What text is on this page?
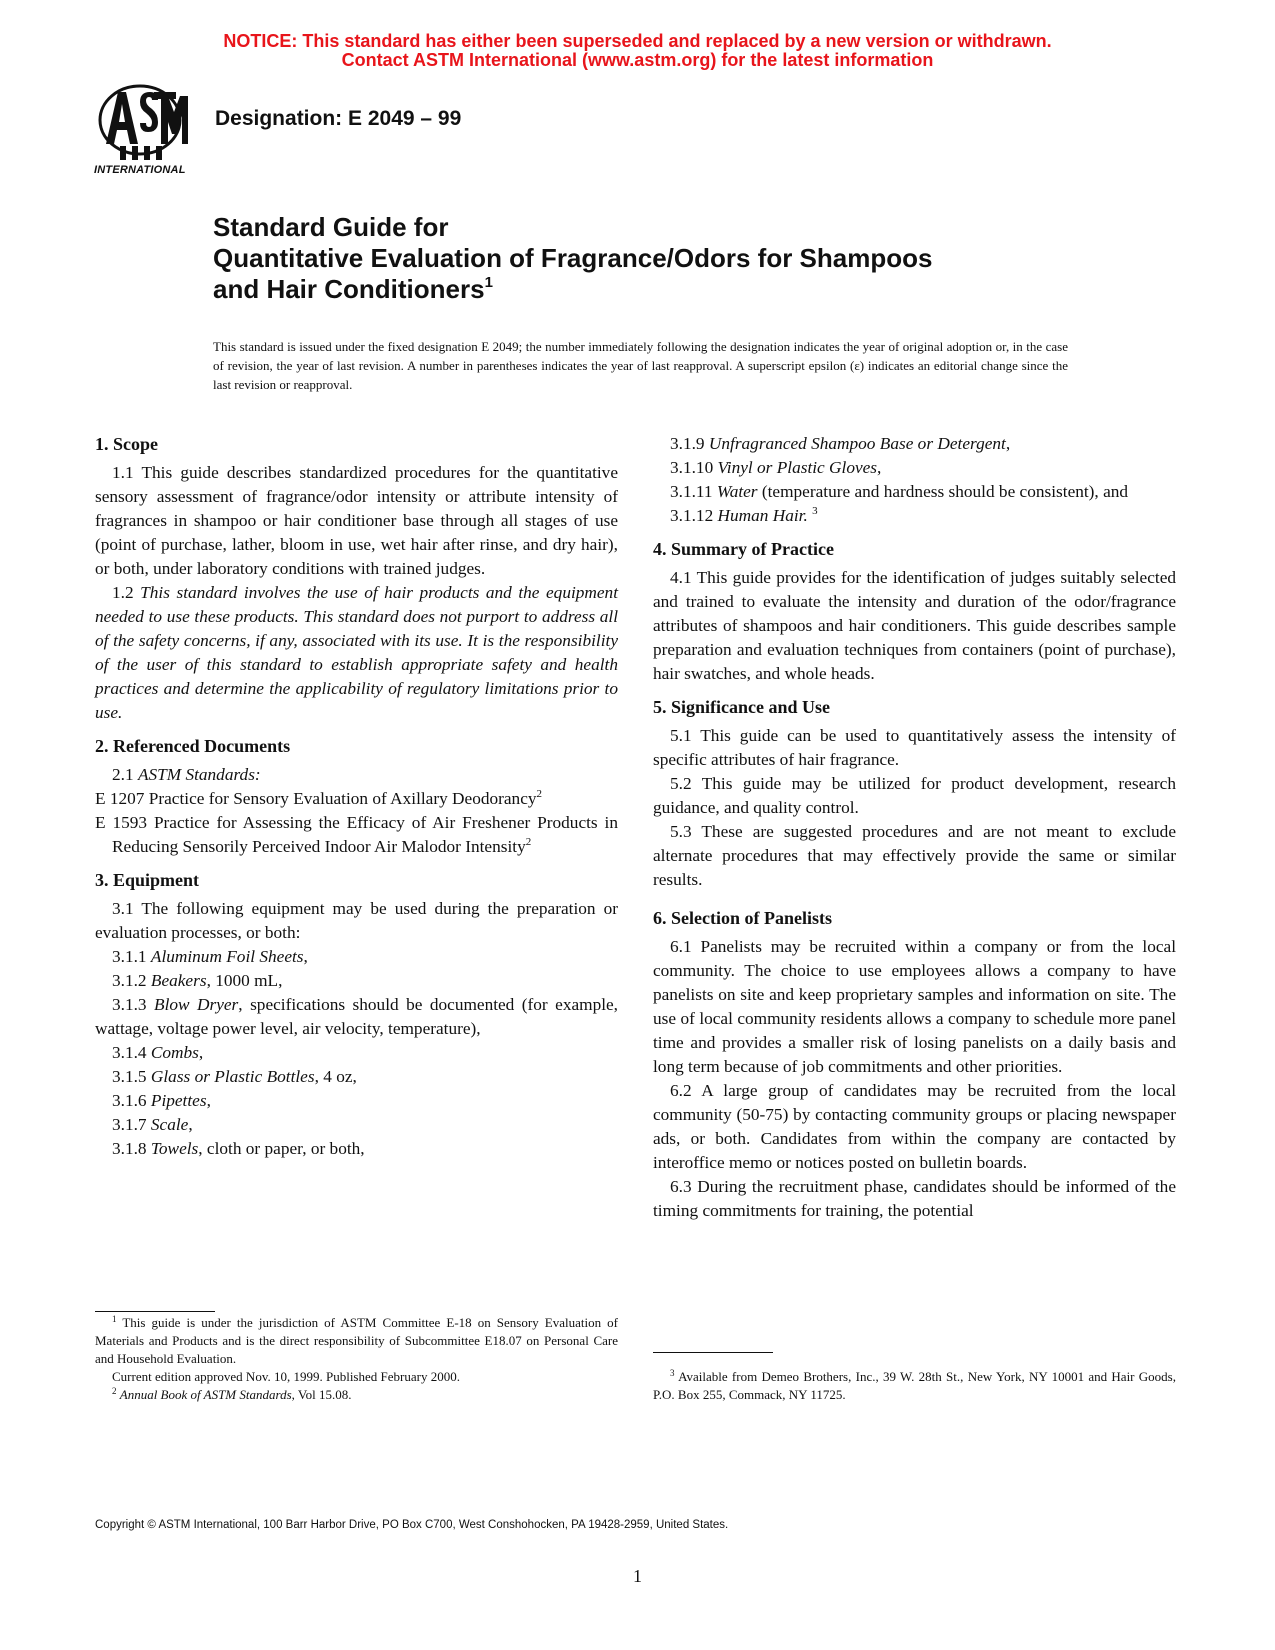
NOTICE: This standard has either been superseded and replaced by a new version or withdrawn.
Contact ASTM International (www.astm.org) for the latest information
INTERNATIONAL
Designation: E 2049 – 99
Standard Guide for
Quantitative Evaluation of Fragrance/Odors for Shampoos
and Hair Conditioners$^1$

This standard is issued under the fixed designation E 2049; the number immediately following the designation indicates the year of original adoption or, in the case of revision, the year of last revision. A number in parentheses indicates the year of last reapproval. A superscript epsilon (ε) indicates an editorial change since the last revision or reapproval.

1. Scope

1.1 This guide describes standardized procedures for the quantitative sensory assessment of fragrance/odor intensity or attribute intensity of fragrances in shampoo or hair conditioner base through all stages of use (point of purchase, lather, bloom in use, wet hair after rinse, and dry hair), or both, under laboratory conditions with trained judges.

1.2 This standard involves the use of hair products and the equipment needed to use these products. This standard does not purport to address all of the safety concerns, if any, associated with its use. It is the responsibility of the user of this standard to establish appropriate safety and health practices and determine the applicability of regulatory limitations prior to use.

2. Referenced Documents

2.1 ASTM Standards:

E 1207 Practice for Sensory Evaluation of Axillary Deodorancy$^2$

E 1593 Practice for Assessing the Efficacy of Air Freshener Products in Reducing Sensorily Perceived Indoor Air Malodor Intensity$^2$

3. Equipment

3.1 The following equipment may be used during the preparation or evaluation processes, or both:

3.1.1 Aluminum Foil Sheets,

3.1.2 Beakers, 1000 mL,

3.1.3 Blow Dryer, specifications should be documented (for example, wattage, voltage power level, air velocity, temperature),

3.1.4 Combs,

3.1.5 Glass or Plastic Bottles, 4 oz,

3.1.6 Pipettes,

3.1.7 Scale,

3.1.8 Towels, cloth or paper, or both,

3.1.9 Unfragranced Shampoo Base or Detergent,

3.1.10 Vinyl or Plastic Gloves,

3.1.11 Water (temperature and hardness should be consistent), and

3.1.12 Human Hair. $^3$

4. Summary of Practice

4.1 This guide provides for the identification of judges suitably selected and trained to evaluate the intensity and duration of the odor/fragrance attributes of shampoos and hair conditioners. This guide describes sample preparation and evaluation techniques from containers (point of purchase), hair swatches, and whole heads.

5. Significance and Use

5.1 This guide can be used to quantitatively assess the intensity of specific attributes of hair fragrance.

5.2 This guide may be utilized for product development, research guidance, and quality control.

5.3 These are suggested procedures and are not meant to exclude alternate procedures that may effectively provide the same or similar results.

6. Selection of Panelists

6.1 Panelists may be recruited within a company or from the local community. The choice to use employees allows a company to have panelists on site and keep proprietary samples and information on site. The use of local community residents allows a company to schedule more panel time and provides a smaller risk of losing panelists on a daily basis and long term because of job commitments and other priorities.

6.2 A large group of candidates may be recruited from the local community (50-75) by contacting community groups or placing newspaper ads, or both. Candidates from within the company are contacted by interoffice memo or notices posted on bulletin boards.

6.3 During the recruitment phase, candidates should be informed of the timing commitments for training, the potential

$^1$ This guide is under the jurisdiction of ASTM Committee E-18 on Sensory Evaluation of Materials and Products and is the direct responsibility of Subcommittee E18.07 on Personal Care and Household Evaluation.

Current edition approved Nov. 10, 1999. Published February 2000.

$^2$ Annual Book of ASTM Standards, Vol 15.08.

$^3$ Available from Demeo Brothers, Inc., 39 W. 28th St., New York, NY 10001 and Hair Goods, P.O. Box 255, Commack, NY 11725.

Copyright © ASTM International, 100 Barr Harbor Drive, PO Box C700, West Conshohocken, PA 19428-2959, United States.
1
